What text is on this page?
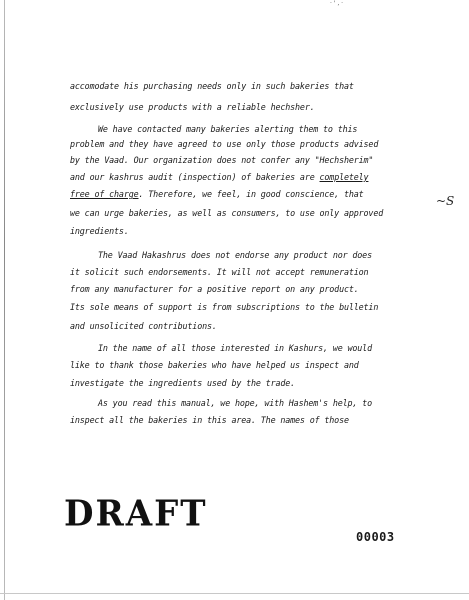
· ' , ·
accomodate his purchasing needs only in such bakeries that
exclusively use products with a reliable hechsher.
We have contacted many bakeries alerting them to this
problem and they have agreed to use only those products advised
by the Vaad. Our organization does not confer any "Hechsherim"
and our kashrus audit (inspection) of bakeries are completely
free of charge. Therefore, we feel, in good conscience, that
we can urge bakeries, as well as consumers, to use only approved
ingredients.
The Vaad Hakashrus does not endorse any product nor does
it solicit such endorsements. It will not accept remuneration
from any manufacturer for a positive report on any product.
Its sole means of support is from subscriptions to the bulletin
and unsolicited contributions.
In the name of all those interested in Kashurs, we would
like to thank those bakeries who have helped us inspect and
investigate the ingredients used by the trade.
As you read this manual, we hope, with Hashem's help, to
inspect all the bakeries in this area. The names of those
~S
DRAFT
00003
